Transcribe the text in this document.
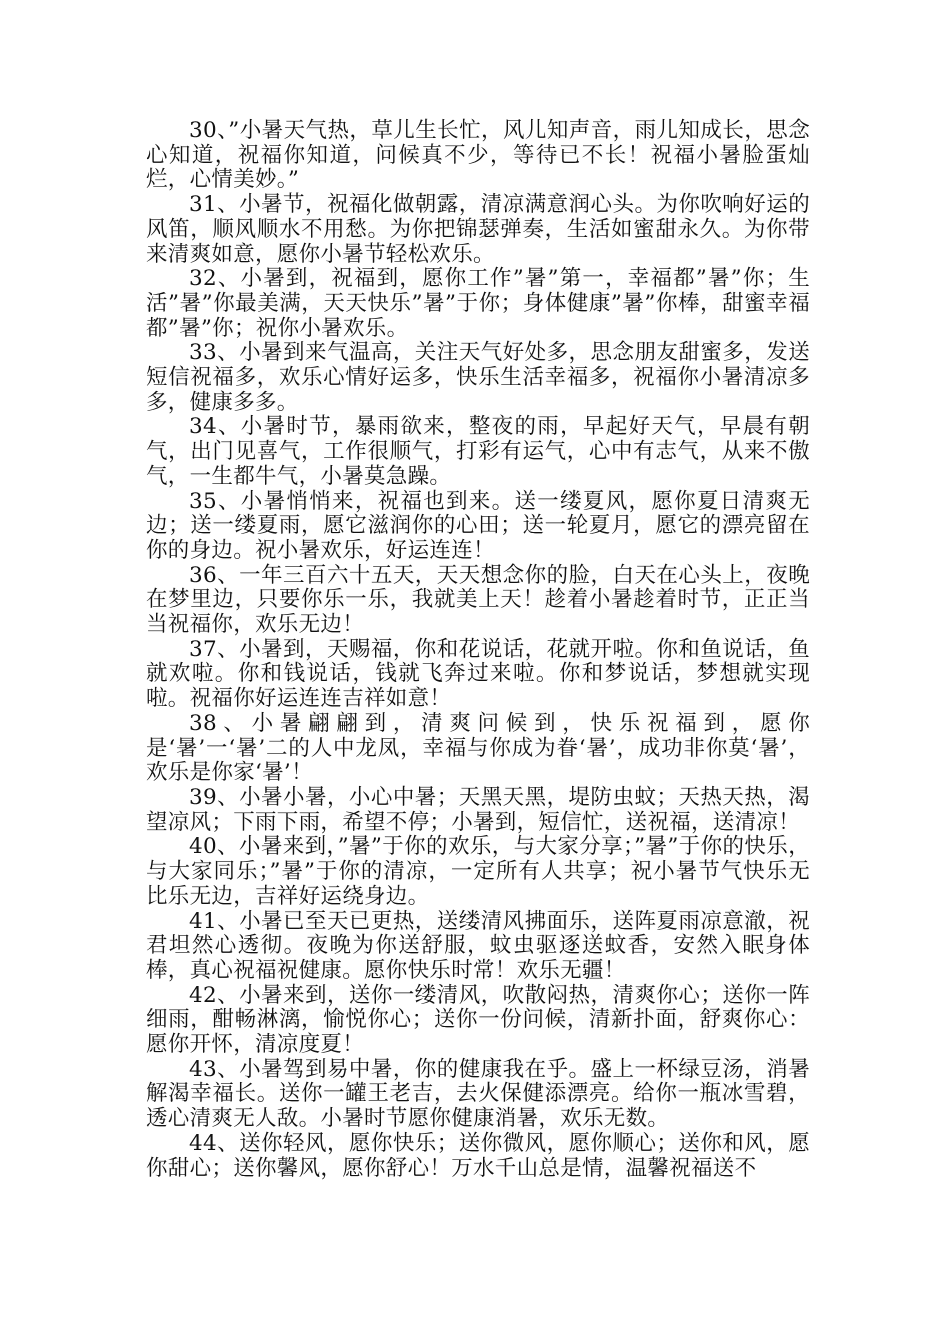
30、”小暑天气热，草儿生长忙，风儿知声音，雨儿知成长，思念心知道，祝福你知道，问候真不少，等待已不长！祝福小暑脸蛋灿烂，心情美妙。”

31、小暑节，祝福化做朝露，清凉满意润心头。为你吹响好运的风笛，顺风顺水不用愁。为你把锦瑟弹奏，生活如蜜甜永久。为你带来清爽如意，愿你小暑节轻松欢乐。

32、小暑到，祝福到，愿你工作”暑”第一，幸福都”暑”你；生活”暑”你最美满，天天快乐”暑”于你；身体健康”暑”你棒，甜蜜幸福都”暑”你；祝你小暑欢乐。

33、小暑到来气温高，关注天气好处多，思念朋友甜蜜多，发送短信祝福多，欢乐心情好运多，快乐生活幸福多，祝福你小暑清凉多多，健康多多。

34、小暑时节，暴雨欲来，整夜的雨，早起好天气，早晨有朝气，出门见喜气，工作很顺气，打彩有运气，心中有志气，从来不傲气，一生都牛气，小暑莫急躁。

35、小暑悄悄来，祝福也到来。送一缕夏风，愿你夏日清爽无边；送一缕夏雨，愿它滋润你的心田；送一轮夏月，愿它的漂亮留在你的身边。祝小暑欢乐，好运连连！

36、一年三百六十五天，天天想念你的脸，白天在心头上，夜晚在梦里边，只要你乐一乐，我就美上天！趁着小暑趁着时节，正正当当祝福你，欢乐无边！

37、小暑到，天赐福，你和花说话，花就开啦。你和鱼说话，鱼就欢啦。你和钱说话，钱就飞奔过来啦。你和梦说话，梦想就实现啦。祝福你好运连连吉祥如意！

38、小暑翩翩到，清爽问候到，快乐祝福到，愿你是‘暑’一‘暑’二的人中龙凤，幸福与你成为眷‘暑’，成功非你莫‘暑’，欢乐是你家‘暑’！

39、小暑小暑，小心中暑；天黑天黑，堤防虫蚊；天热天热，渴望凉风；下雨下雨，希望不停；小暑到，短信忙，送祝福，送清凉！

40、小暑来到，”暑”于你的欢乐，与大家分享；”暑”于你的快乐，与大家同乐；”暑”于你的清凉，一定所有人共享；祝小暑节气快乐无比乐无边，吉祥好运绕身边。

41、小暑已至天已更热，送缕清风拂面乐，送阵夏雨凉意澈，祝君坦然心透彻。夜晚为你送舒服，蚊虫驱逐送蚊香，安然入眠身体棒，真心祝福祝健康。愿你快乐时常！欢乐无疆！

42、小暑来到，送你一缕清风，吹散闷热，清爽你心；送你一阵细雨，酣畅淋漓，愉悦你心；送你一份问候，清新扑面，舒爽你心：愿你开怀，清凉度夏！

43、小暑驾到易中暑，你的健康我在乎。盛上一杯绿豆汤，消暑解渴幸福长。送你一罐王老吉，去火保健添漂亮。给你一瓶冰雪碧，透心清爽无人敌。小暑时节愿你健康消暑，欢乐无数。

44、送你轻风，愿你快乐；送你微风，愿你顺心；送你和风，愿你甜心；送你馨风，愿你舒心！万水千山总是情，温馨祝福送不
